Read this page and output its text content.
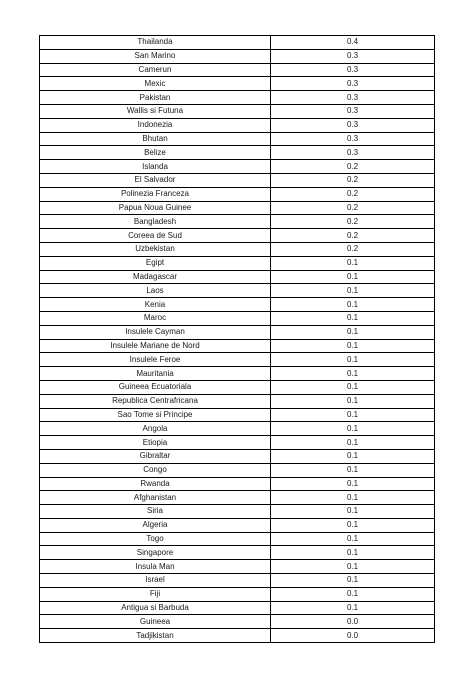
Thailanda	0.4
San Marino	0.3
Camerun	0.3
Mexic	0.3
Pakistan	0.3
Wallis si Futuna	0.3
Indonezia	0.3
Bhutan	0.3
Belize	0.3
Islanda	0.2
El Salvador	0.2
Polinezia Franceza	0.2
Papua Noua Guinee	0.2
Bangladesh	0.2
Coreea de Sud	0.2
Uzbekistan	0.2
Egipt	0.1
Madagascar	0.1
Laos	0.1
Kenia	0.1
Maroc	0.1
Insulele Cayman	0.1
Insulele Mariane de Nord	0.1
Insulele Feroe	0.1
Mauritania	0.1
Guineea Ecuatoriala	0.1
Republica Centrafricana	0.1
Sao Tome si Principe	0.1
Angola	0.1
Etiopia	0.1
Gibraltar	0.1
Congo	0.1
Rwanda	0.1
Afghanistan	0.1
Siria	0.1
Algeria	0.1
Togo	0.1
Singapore	0.1
Insula Man	0.1
Israel	0.1
Fiji	0.1
Antigua si Barbuda	0.1
Guineea	0.0
Tadjikistan	0.0
